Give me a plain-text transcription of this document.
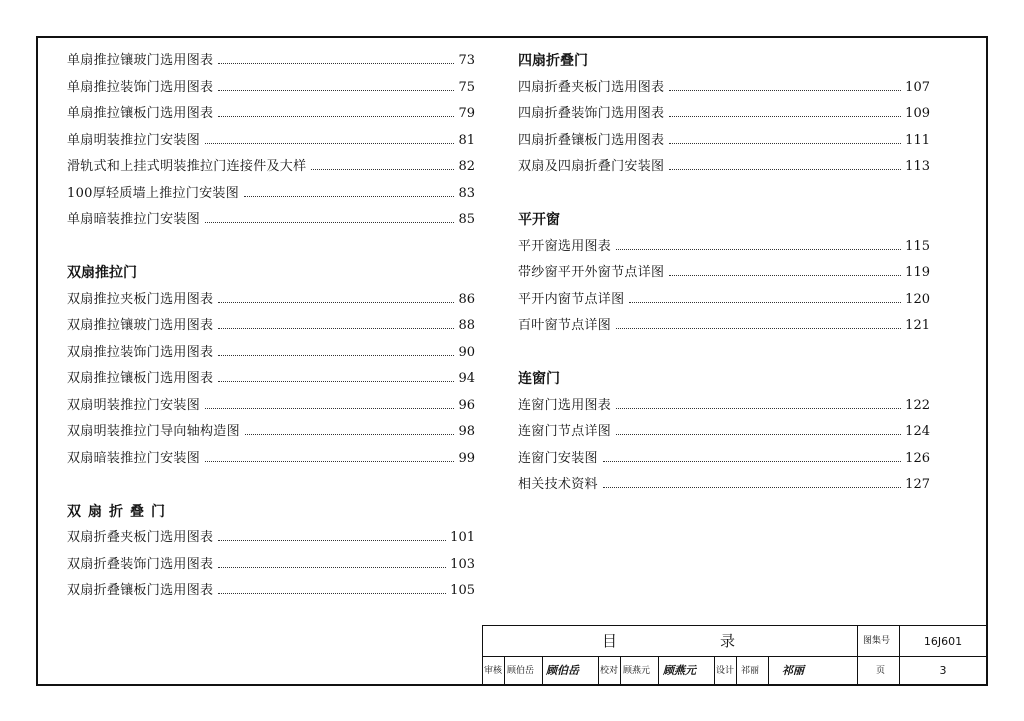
单扇推拉镶玻门选用图表	73
单扇推拉装饰门选用图表	75
单扇推拉镶板门选用图表	79
单扇明装推拉门安装图	81
滑轨式和上挂式明装推拉门连接件及大样	82
100厚轻质墙上推拉门安装图	83
单扇暗装推拉门安装图	85
双扇推拉门
双扇推拉夹板门选用图表	86
双扇推拉镶玻门选用图表	88
双扇推拉装饰门选用图表	90
双扇推拉镶板门选用图表	94
双扇明装推拉门安装图	96
双扇明装推拉门导向轴构造图	98
双扇暗装推拉门安装图	99
双扇折叠门
双扇折叠夹板门选用图表	101
双扇折叠装饰门选用图表	103
双扇折叠镶板门选用图表	105
四扇折叠门
四扇折叠夹板门选用图表	107
四扇折叠装饰门选用图表	109
四扇折叠镶板门选用图表	111
双扇及四扇折叠门安装图	113
平开窗
平开窗选用图表	115
带纱窗平开外窗节点详图	119
平开内窗节点详图	120
百叶窗节点详图	121
连窗门
连窗门选用图表	122
连窗门节点详图	124
连窗门安装图	126
相关技术资料	127
目	录	图集号	16J601
审核 顾伯岳 顾伯岳 校对 顾燕元 顾燕元 设计 祁丽 祁丽	页	3
